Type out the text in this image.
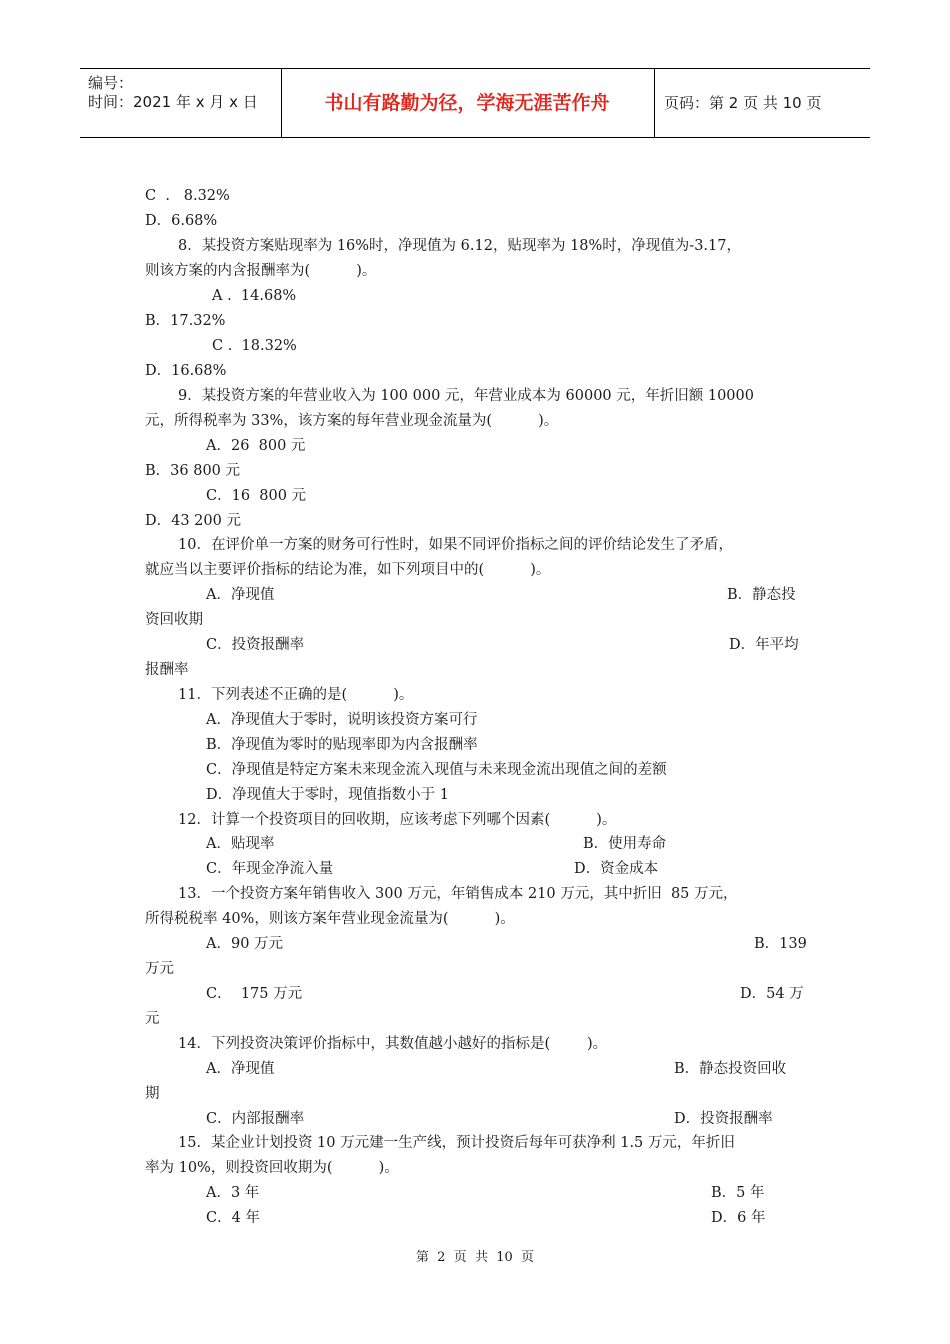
编号：
时间：2021 年 x 月 x 日	书山有路勤为径，学海无涯苦作舟	页码：第 2 页 共 10 页
C  .   8.32%
D．6.68%
8．某投资方案贴现率为 16%时，净现值为 6.12，贴现率为 18%时，净现值为-3.17，
则该方案的内含报酬率为(          )。
A .  14.68%
B．17.32%
C .  18.32%
D．16.68%
9．某投资方案的年营业收入为 100 000 元，年营业成本为 60000 元，年折旧额 10000
元，所得税率为 33%，该方案的每年营业现金流量为(          )。
A．26  800 元
B．36 800 元
C．16  800 元
D．43 200 元
10．在评价单一方案的财务可行性时，如果不同评价指标之间的评价结论发生了矛盾，
就应当以主要评价指标的结论为准，如下列项目中的(          )。
A．净现值	B．静态投
资回收期
C．投资报酬率	D．年平均
报酬率
11．下列表述不正确的是(          )。
A．净现值大于零时，说明该投资方案可行
B．净现值为零时的贴现率即为内含报酬率
C．净现值是特定方案未来现金流入现值与未来现金流出现值之间的差额
D．净现值大于零时，现值指数小于 1
12．计算一个投资项目的回收期，应该考虑下列哪个因素(          )。
A．贴现率	B．使用寿命
C．年现金净流入量	D．资金成本
13．一个投资方案年销售收入 300 万元，年销售成本 210 万元，其中折旧  85 万元，
所得税税率 40%，则该方案年营业现金流量为(          )。
A．90 万元	B．139
万元
C．  175 万元	D．54 万
元
14．下列投资决策评价指标中，其数值越小越好的指标是(        )。
A．净现值	B．静态投资回收
期
C．内部报酬率	D．投资报酬率
15．某企业计划投资 10 万元建一生产线，预计投资后每年可获净利 1.5 万元，年折旧
率为 10%，则投资回收期为(          )。
A．3 年	B．5 年
C．4 年	D．6 年
第  2  页  共  10  页
